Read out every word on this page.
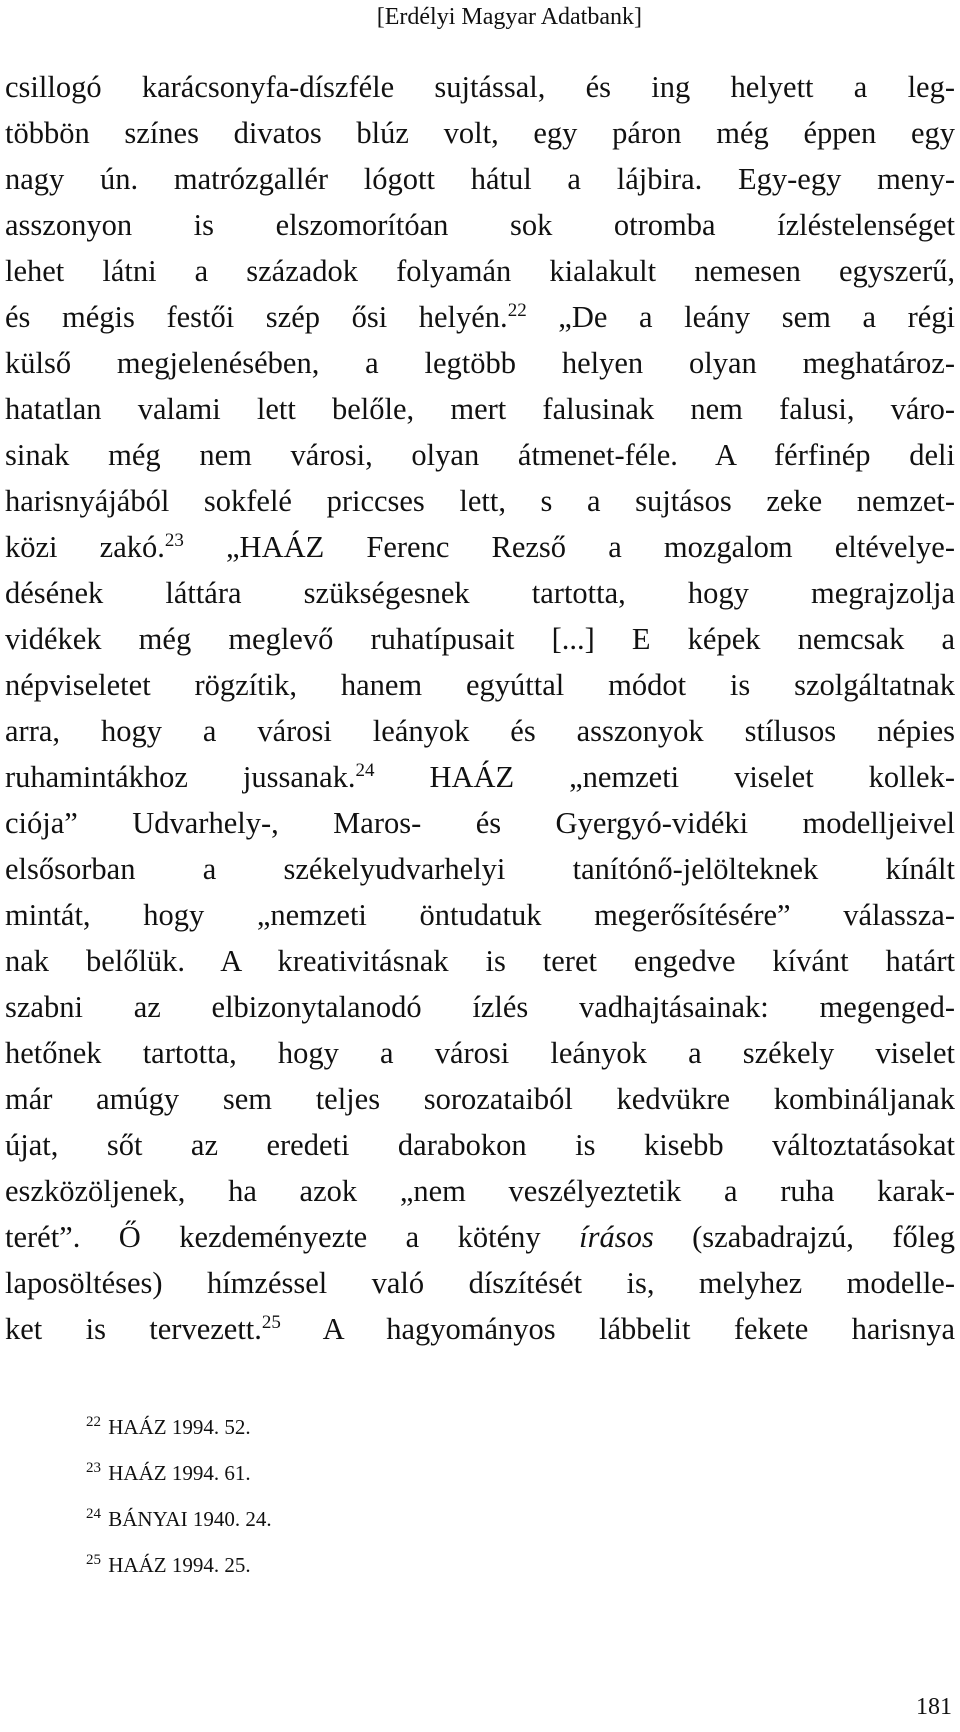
[Erdélyi Magyar Adatbank]
csillogó karácsonyfa-díszféle sujtással, és ing helyett a leg-
többön színes divatos blúz volt, egy páron még éppen egy
nagy ún. matrózgallér lógott hátul a lájbira. Egy-egy meny-
asszonyon is elszomorítóan sok otromba ízléstelenséget
lehet látni a századok folyamán kialakult nemesen egyszerű,
és mégis festői szép ősi helyén.$^{22}$ „De a leány sem a régi
külső megjelenésében, a legtöbb helyen olyan meghatároz-
hatatlan valami lett belőle, mert falusinak nem falusi, váro-
sinak még nem városi, olyan átmenet-féle. A férfinép deli
harisnyájából sokfelé priccses lett, s a sujtásos zeke nemzet-
közi zakó.$^{23}$ „HAÁZ Ferenc Rezső a mozgalom eltévelye-
désének láttára szükségesnek tartotta, hogy megrajzolja
vidékek még meglevő ruhatípusait [...] E képek nemcsak a
népviseletet rögzítik, hanem egyúttal módot is szolgáltatnak
arra, hogy a városi leányok és asszonyok stílusos népies
ruhamintákhoz jussanak.$^{24}$ HAÁZ „nemzeti viselet kollek-
ciója” Udvarhely-, Maros- és Gyergyó-vidéki modelljeivel
elsősorban a székelyudvarhelyi tanítónő-jelölteknek kínált
mintát, hogy „nemzeti öntudatuk megerősítésére” válassza-
nak belőlük. A kreativitásnak is teret engedve kívánt határt
szabni az elbizonytalanodó ízlés vadhajtásainak: megenged-
hetőnek tartotta, hogy a városi leányok a székely viselet
már amúgy sem teljes sorozataiból kedvükre kombináljanak
újat, sőt az eredeti darabokon is kisebb változtatásokat
eszközöljenek, ha azok „nem veszélyeztetik a ruha karak-
terét”. Ő kezdeményezte a kötény írásos (szabadrajzú, főleg
laposöltéses) hímzéssel való díszítését is, melyhez modelle-
ket is tervezett.$^{25}$ A hagyományos lábbelit fekete harisnya
$^{22}$ HAÁZ 1994. 52.
$^{23}$ HAÁZ 1994. 61.
$^{24}$ BÁNYAI 1940. 24.
$^{25}$ HAÁZ 1994. 25.
181
